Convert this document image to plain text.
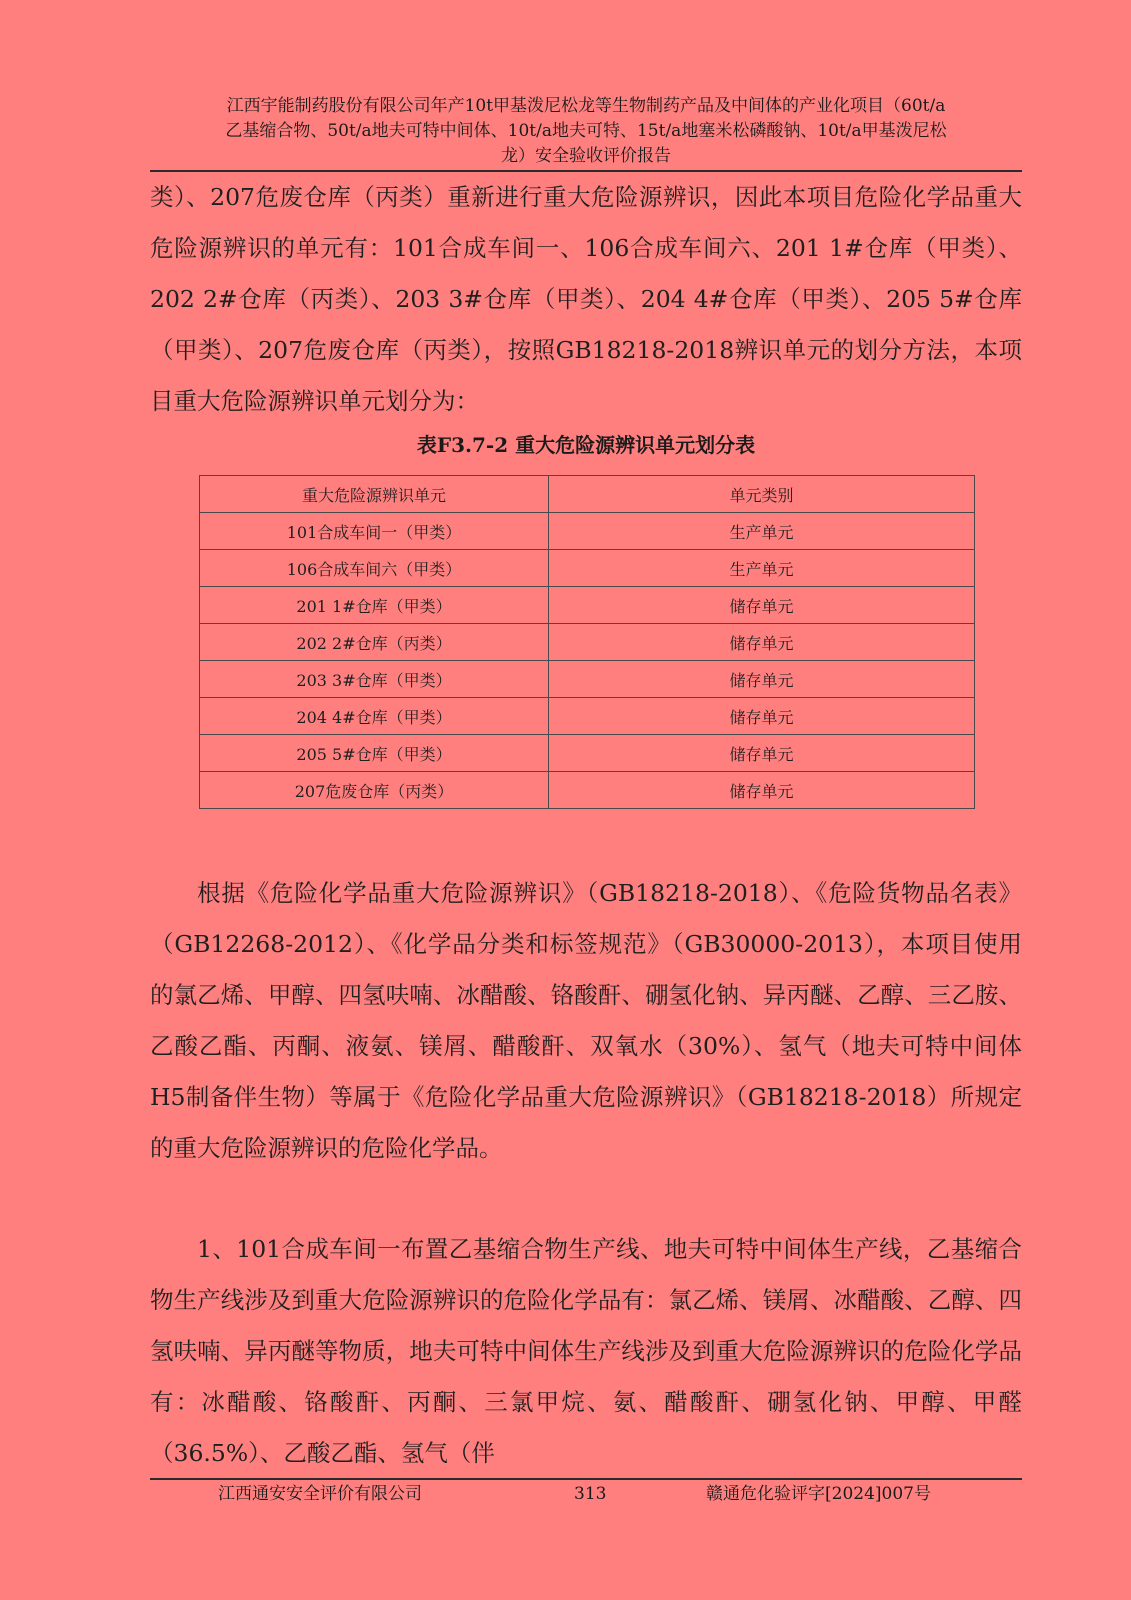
江西宇能制药股份有限公司年产10t甲基泼尼松龙等生物制药产品及中间体的产业化项目（60t/a
乙基缩合物、50t/a地夫可特中间体、10t/a地夫可特、15t/a地塞米松磷酸钠、10t/a甲基泼尼松
龙）安全验收评价报告

类）、207危废仓库（丙类）重新进行重大危险源辨识，因此本项目危险化学品重大危险源辨识的单元有：101合成车间一、106合成车间六、201 1#仓库（甲类）、202 2#仓库（丙类）、203 3#仓库（甲类）、204 4#仓库（甲类）、205 5#仓库（甲类）、207危废仓库（丙类），按照GB18218-2018辨识单元的划分方法，本项目重大危险源辨识单元划分为：

表F3.7-2 重大危险源辨识单元划分表
重大危险源辨识单元	单元类别
101合成车间一（甲类）	生产单元
106合成车间六（甲类）	生产单元
201 1#仓库（甲类）	储存单元
202 2#仓库（丙类）	储存单元
203 3#仓库（甲类）	储存单元
204 4#仓库（甲类）	储存单元
205 5#仓库（甲类）	储存单元
207危废仓库（丙类）	储存单元

根据《危险化学品重大危险源辨识》（GB18218-2018）、《危险货物品名表》（GB12268-2012）、《化学品分类和标签规范》（GB30000-2013），本项目使用的氯乙烯、甲醇、四氢呋喃、冰醋酸、铬酸酐、硼氢化钠、异丙醚、乙醇、三乙胺、乙酸乙酯、丙酮、液氨、镁屑、醋酸酐、双氧水（30%）、氢气（地夫可特中间体H5制备伴生物）等属于《危险化学品重大危险源辨识》（GB18218-2018）所规定的重大危险源辨识的危险化学品。

1、101合成车间一布置乙基缩合物生产线、地夫可特中间体生产线，乙基缩合物生产线涉及到重大危险源辨识的危险化学品有：氯乙烯、镁屑、冰醋酸、乙醇、四氢呋喃、异丙醚等物质，地夫可特中间体生产线涉及到重大危险源辨识的危险化学品有：冰醋酸、铬酸酐、丙酮、三氯甲烷、氨、醋酸酐、硼氢化钠、甲醇、甲醛（36.5%）、乙酸乙酯、氢气（伴

江西通安安全评价有限公司	313	赣通危化验评字[2024]007号
